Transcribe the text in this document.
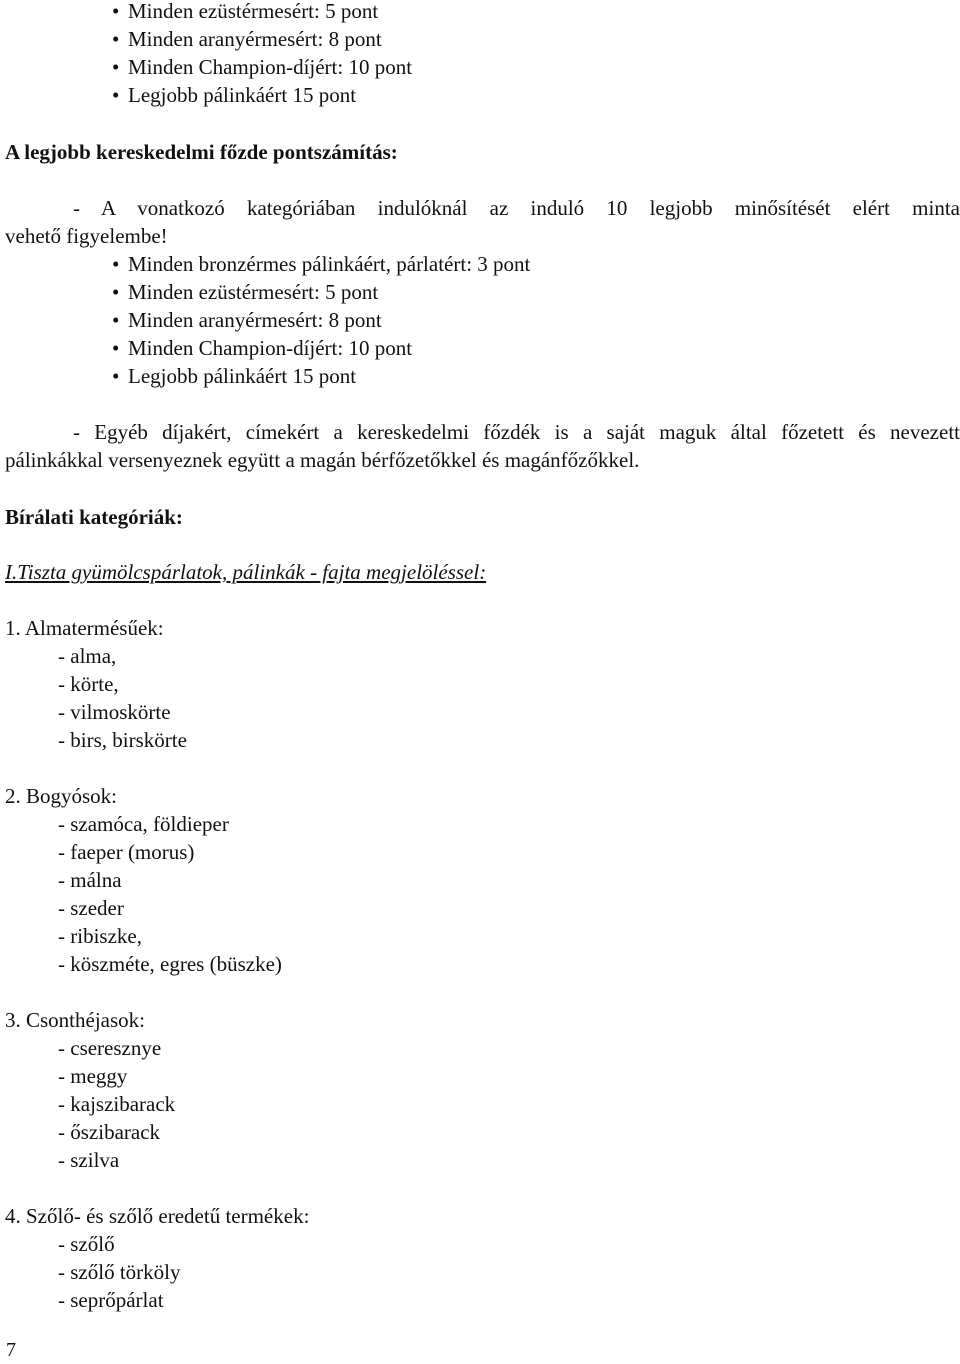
• Minden ezüstérmesért: 5 pont
• Minden aranyérmesért: 8 pont
• Minden Champion-díjért: 10 pont
• Legjobb pálinkáért 15 pont
A legjobb kereskedelmi főzde pontszámítás:
- A vonatkozó kategóriában indulóknál az induló 10 legjobb minősítését elért minta
vehető figyelembe!
• Minden bronzérmes pálinkáért, párlatért: 3 pont
• Minden ezüstérmesért: 5 pont
• Minden aranyérmesért: 8 pont
• Minden Champion-díjért: 10 pont
• Legjobb pálinkáért 15 pont
- Egyéb díjakért, címekért a kereskedelmi főzdék is a saját maguk által főzetett és nevezett
pálinkákkal versenyeznek együtt a magán bérfőzetőkkel és magánfőzőkkel.
Bírálati kategóriák:
I.Tiszta gyümölcspárlatok, pálinkák - fajta megjelöléssel:
1. Almatermésűek:
- alma,
- körte,
- vilmoskörte
- birs, birskörte
2. Bogyósok:
- szamóca, földieper
- faeper (morus)
- málna
- szeder
- ribiszke,
- köszméte, egres (büszke)
3. Csonthéjasok:
- cseresznye
- meggy
- kajszibarack
- őszibarack
- szilva
4. Szőlő- és szőlő eredetű termékek:
- szőlő
- szőlő törköly
- seprőpárlat
7
